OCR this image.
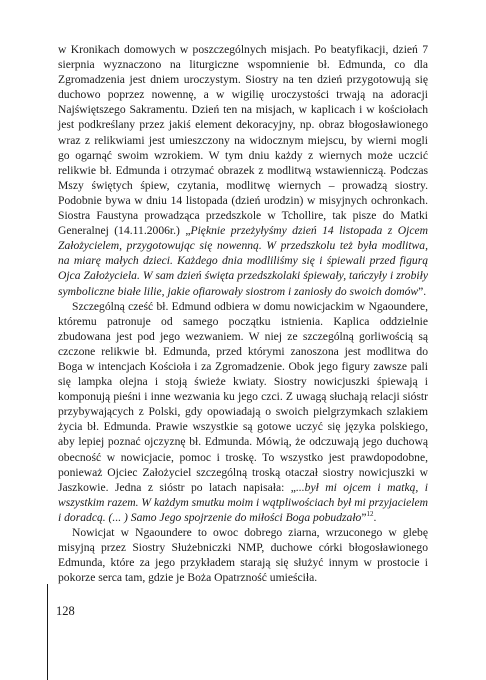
w Kronikach domowych w poszczególnych misjach. Po beatyfikacji, dzień 7 sierpnia wyznaczono na liturgiczne wspomnienie bł. Edmunda, co dla Zgromadzenia jest dniem uroczystym. Siostry na ten dzień przygotowują się duchowo poprzez nowennę, a w wigilię uroczystości trwają na adoracji Najświętszego Sakramentu. Dzień ten na misjach, w kaplicach i w kościołach jest podkreślany przez jakiś element dekoracyjny, np. obraz błogosławionego wraz z relikwiami jest umieszczony na widocznym miejscu, by wierni mogli go ogarnąć swoim wzrokiem. W tym dniu każdy z wiernych może uczcić relikwie bł. Edmunda i otrzymać obrazek z modlitwą wstawienniczą. Podczas Mszy świętych śpiew, czytania, modlitwę wiernych – prowadzą siostry. Podobnie bywa w dniu 14 listopada (dzień urodzin) w misyjnych ochronkach. Siostra Faustyna prowadząca przedszkole w Tchollire, tak pisze do Matki Generalnej (14.11.2006r.) „Pięknie przeżyłyśmy dzień 14 listopada z Ojcem Założycielem, przygotowując się nowenną. W przedszkolu też była modlitwa, na miarę małych dzieci. Każdego dnia modliliśmy się i śpiewali przed figurą Ojca Założyciela. W sam dzień święta przedszkolaki śpiewały, tańczyły i zrobiły symboliczne białe lilie, jakie ofiarowały siostrom i zaniosły do swoich domów”.

Szczególną cześć bł. Edmund odbiera w domu nowicjackim w Ngaoundere, któremu patronuje od samego początku istnienia. Kaplica oddzielnie zbudowana jest pod jego wezwaniem. W niej ze szczególną gorliwością są czczone relikwie bł. Edmunda, przed którymi zanoszona jest modlitwa do Boga w intencjach Kościoła i za Zgromadzenie. Obok jego figury zawsze pali się lampka olejna i stoją świeże kwiaty. Siostry nowicjuszki śpiewają i komponują pieśni i inne wezwania ku jego czci. Z uwagą słuchają relacji sióstr przybywających z Polski, gdy opowiadają o swoich pielgrzymkach szlakiem życia bł. Edmunda. Prawie wszystkie są gotowe uczyć się języka polskiego, aby lepiej poznać ojczyznę bł. Edmunda. Mówią, że odczuwają jego duchową obecność w nowicjacie, pomoc i troskę. To wszystko jest prawdopodobne, ponieważ Ojciec Założyciel szczególną troską otaczał siostry nowicjuszki w Jaszkowie. Jedna z sióstr po latach napisała: „...był mi ojcem i matką, i wszystkim razem. W każdym smutku moim i wątpliwościach był mi przyjacielem i doradcą. (... ) Samo Jego spojrzenie do miłości Boga pobudzało”$^{12}$.

Nowicjat w Ngaoundere to owoc dobrego ziarna, wrzuconego w glebę misyjną przez Siostry Służebniczki NMP, duchowe córki błogosławionego Edmunda, które za jego przykładem starają się służyć innym w prostocie i pokorze serca tam, gdzie je Boża Opatrzność umieściła.

128
